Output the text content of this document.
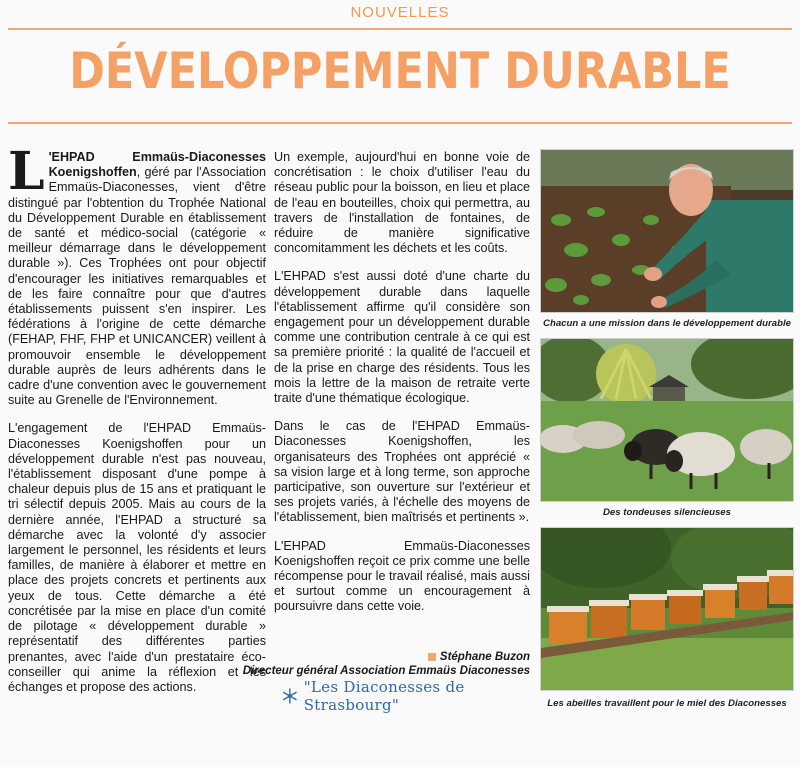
NOUVELLES
DÉVELOPPEMENT DURABLE

L 'EHPAD Emmaüs-Diaconesses Koenigshoffen, géré par l'Association Emmaüs-Diaconesses, vient d'être distingué par l'obtention du Trophée National du Développement Durable en établissement de santé et médico-social (catégorie « meilleur démarrage dans le développement durable »). Ces Trophées ont pour objectif d'encourager les initiatives remarquables et de les faire connaître pour que d'autres établissements puissent s'en inspirer. Les fédérations à l'origine de cette démarche (FEHAP, FHF, FHP et UNICANCER) veillent à promouvoir ensemble le développement durable auprès de leurs adhérents dans le cadre d'une convention avec le gouvernement suite au Grenelle de l'Environnement.

L'engagement de l'EHPAD Emmaüs-Diaconesses Koenigshoffen pour un développement durable n'est pas nouveau, l'établissement disposant d'une pompe à chaleur depuis plus de 15 ans et pratiquant le tri sélectif depuis 2005. Mais au cours de la dernière année, l'EHPAD a structuré sa démarche avec la volonté d'y associer largement le personnel, les résidents et leurs familles, de manière à élaborer et mettre en place des projets concrets et pertinents aux yeux de tous. Cette démarche a été concrétisée par la mise en place d'un comité de pilotage « développement durable » représentatif des différentes parties prenantes, avec l'aide d'un prestataire éco-conseiller qui anime la réflexion et les échanges et propose des actions.

Un exemple, aujourd'hui en bonne voie de concrétisation : le choix d'utiliser l'eau du réseau public pour la boisson, en lieu et place de l'eau en bouteilles, choix qui permettra, au travers de l'installation de fontaines, de réduire de manière significative concomitamment les déchets et les coûts.

L'EHPAD s'est aussi doté d'une charte du développement durable dans laquelle l'établissement affirme qu'il considère son engagement pour un développement durable comme une contribution centrale à ce qui est sa première priorité : la qualité de l'accueil et de la prise en charge des résidents. Tous les mois la lettre de la maison de retraite verte traite d'une thématique écologique.

Dans le cas de l'EHPAD Emmaüs-Diaconesses Koenigshoffen, les organisateurs des Trophées ont apprécié « sa vision large et à long terme, son approche participative, son ouverture sur l'extérieur et ses projets variés, à l'échelle des moyens de l'établissement, bien maîtrisés et pertinents ».

L'EHPAD Emmaüs-Diaconesses Koenigshoffen reçoit ce prix comme une belle récompense pour le travail réalisé, mais aussi et surtout comme un encouragement à poursuivre dans cette voie.

Stéphane Buzon
Directeur général Association Emmaüs Diaconesses
"Les Diaconesses de Strasbourg"
Chacun a une mission dans le développement durable
Des tondeuses silencieuses
Les abeilles travaillent pour le miel des Diaconesses
